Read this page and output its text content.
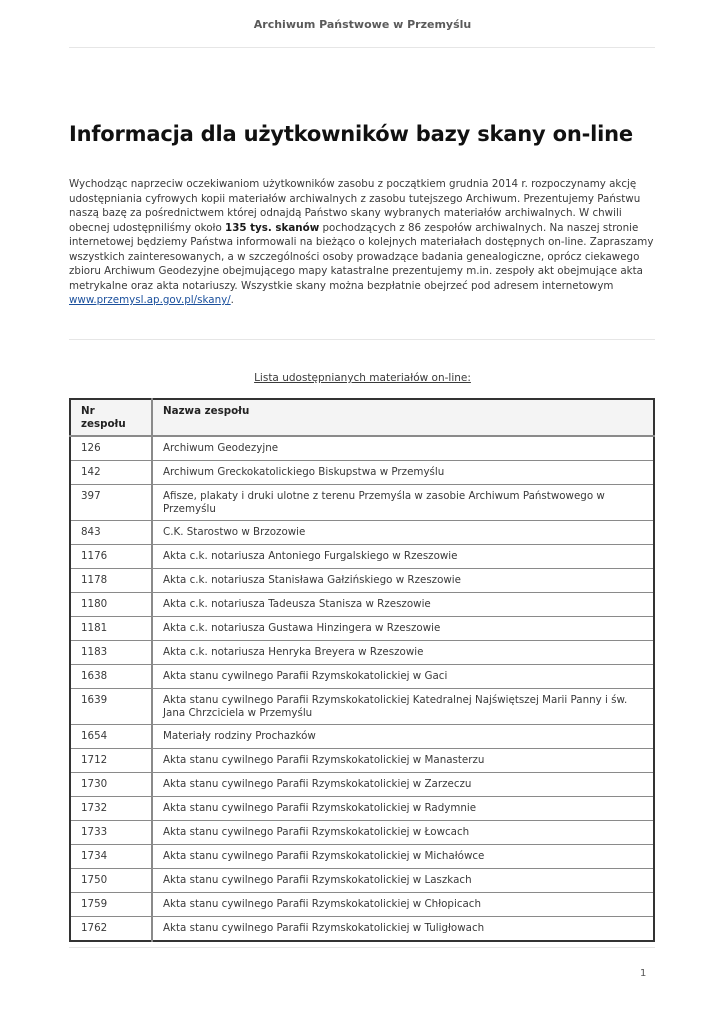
Archiwum Państwowe w Przemyślu
Informacja dla użytkowników bazy skany on-line

Wychodząc naprzeciw oczekiwaniom użytkowników zasobu z początkiem grudnia 2014 r. rozpoczynamy akcję udostępniania cyfrowych kopii materiałów archiwalnych z zasobu tutejszego Archiwum. Prezentujemy Państwu naszą bazę za pośrednictwem której odnajdą Państwo skany wybranych materiałów archiwalnych. W chwili obecnej udostępniliśmy około 135 tys. skanów pochodzących z 86 zespołów archiwalnych. Na naszej stronie internetowej będziemy Państwa informowali na bieżąco o kolejnych materiałach dostępnych on-line. Zapraszamy wszystkich zainteresowanych, a w szczególności osoby prowadzące badania genealogiczne, oprócz ciekawego zbioru Archiwum Geodezyjne obejmującego mapy katastralne prezentujemy m.in. zespoły akt obejmujące akta metrykalne oraz akta notariuszy. Wszystkie skany można bezpłatnie obejrzeć pod adresem internetowym www.przemysl.ap.gov.pl/skany/.

Lista udostępnianych materiałów on-line:
Nr zespołu	Nazwa zespołu
126	Archiwum Geodezyjne
142	Archiwum Greckokatolickiego Biskupstwa w Przemyślu
397	Afisze, plakaty i druki ulotne z terenu Przemyśla w zasobie Archiwum Państwowego w Przemyślu
843	C.K. Starostwo w Brzozowie
1176	Akta c.k. notariusza Antoniego Furgalskiego w Rzeszowie
1178	Akta c.k. notariusza Stanisława Gałzińskiego w Rzeszowie
1180	Akta c.k. notariusza Tadeusza Stanisza w Rzeszowie
1181	Akta c.k. notariusza Gustawa Hinzingera w Rzeszowie
1183	Akta c.k. notariusza Henryka Breyera w Rzeszowie
1638	Akta stanu cywilnego Parafii Rzymskokatolickiej w Gaci
1639	Akta stanu cywilnego Parafii Rzymskokatolickiej Katedralnej Najświętszej Marii Panny i św. Jana Chrzciciela w Przemyślu
1654	Materiały rodziny Prochazków
1712	Akta stanu cywilnego Parafii Rzymskokatolickiej w Manasterzu
1730	Akta stanu cywilnego Parafii Rzymskokatolickiej w Zarzeczu
1732	Akta stanu cywilnego Parafii Rzymskokatolickiej w Radymnie
1733	Akta stanu cywilnego Parafii Rzymskokatolickiej w Łowcach
1734	Akta stanu cywilnego Parafii Rzymskokatolickiej w Michałówce
1750	Akta stanu cywilnego Parafii Rzymskokatolickiej w Laszkach
1759	Akta stanu cywilnego Parafii Rzymskokatolickiej w Chłopicach
1762	Akta stanu cywilnego Parafii Rzymskokatolickiej w Tuligłowach
1
